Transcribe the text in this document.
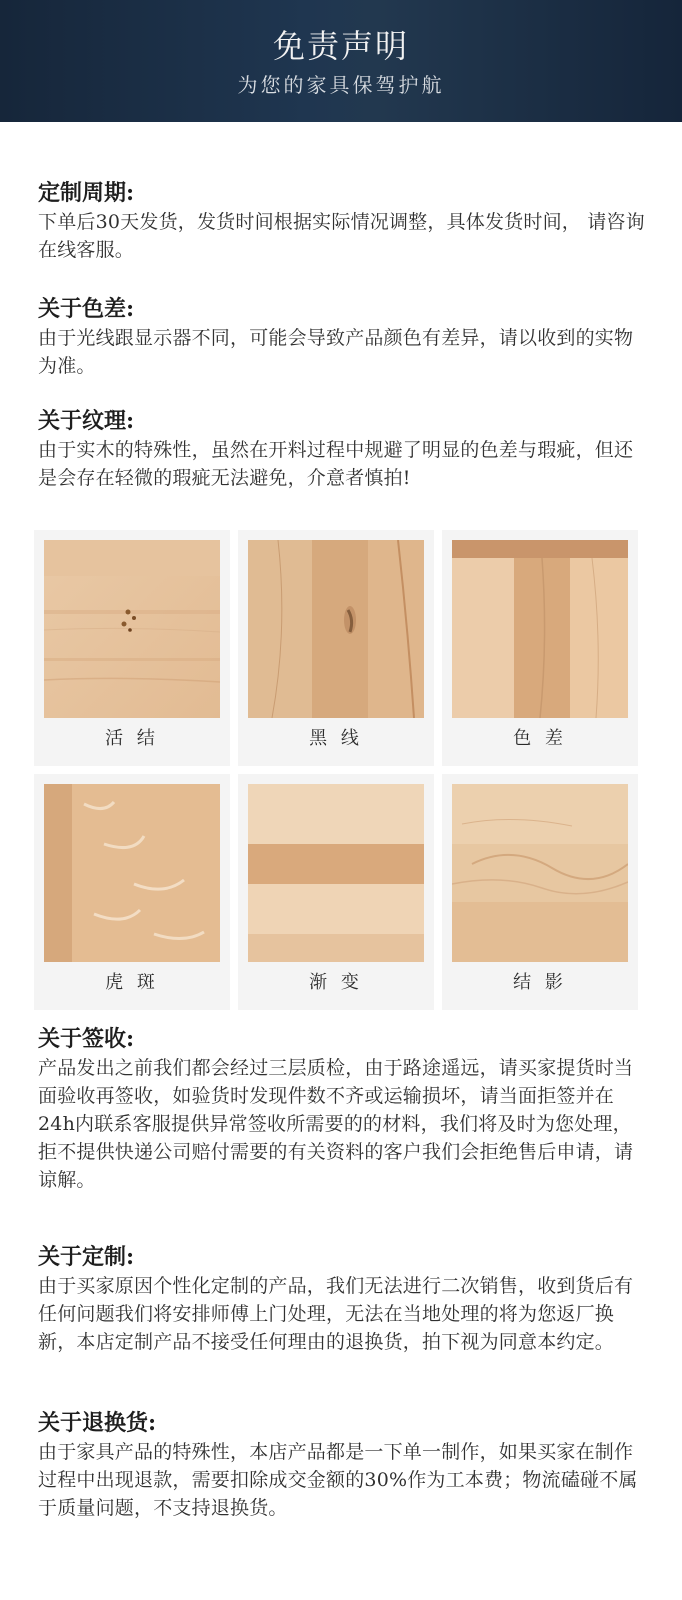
免责声明
为您的家具保驾护航

定制周期:

下单后30天发货，发货时间根据实际情况调整，具体发货时间， 请咨询在线客服。

关于色差:

由于光线跟显示器不同，可能会导致产品颜色有差异，请以收到的实物为准。

关于纹理:

由于实木的特殊性，虽然在开料过程中规避了明显的色差与瑕疵，但还是会存在轻微的瑕疵无法避免，介意者慎拍!

活 结	黑 线	色 差
虎 斑	渐 变	结 影

关于签收:

产品发出之前我们都会经过三层质检，由于路途遥远，请买家提货时当面验收再签收，如验货时发现件数不齐或运输损坏，请当面拒签并在24h内联系客服提供异常签收所需要的的材料，我们将及时为您处理，拒不提供快递公司赔付需要的有关资料的客户我们会拒绝售后申请，请谅解。

关于定制:

由于买家原因个性化定制的产品，我们无法进行二次销售，收到货后有任何问题我们将安排师傅上门处理，无法在当地处理的将为您返厂换新，本店定制产品不接受任何理由的退换货，拍下视为同意本约定。

关于退换货:

由于家具产品的特殊性，本店产品都是一下单一制作，如果买家在制作过程中出现退款，需要扣除成交金额的30%作为工本费；物流磕碰不属于质量问题，不支持退换货。
